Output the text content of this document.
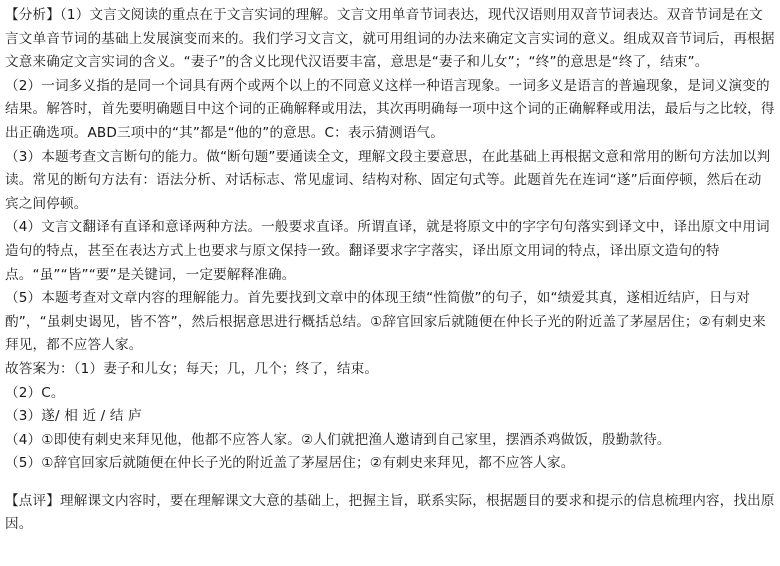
【分析】（1）文言文阅读的重点在于文言实词的理解。文言文用单音节词表达，现代汉语则用双音节词表达。双音节词是在文言文单音节词的基础上发展演变而来的。我们学习文言文，就可用组词的办法来确定文言实词的意义。组成双音节词后，再根据文意来确定文言实词的含义。“妻子”的含义比现代汉语要丰富，意思是“妻子和儿女”；“终”的意思是“终了，结束”。

（2）一词多义指的是同一个词具有两个或两个以上的不同意义这样一种语言现象。一词多义是语言的普遍现象，是词义演变的结果。解答时，首先要明确题目中这个词的正确解释或用法，其次再明确每一项中这个词的正确解释或用法，最后与之比较，得出正确选项。ABD三项中的“其”都是“他的”的意思。C：表示猜测语气。

（3）本题考查文言断句的能力。做“断句题”要通读全文，理解文段主要意思，在此基础上再根据文意和常用的断句方法加以判读。常见的断句方法有：语法分析、对话标志、常见虚词、结构对称、固定句式等。此题首先在连词“遂”后面停顿，然后在动宾之间停顿。

（4）文言文翻译有直译和意译两种方法。一般要求直译。所谓直译，就是将原文中的字字句句落实到译文中，译出原文中用词造句的特点，甚至在表达方式上也要求与原文保持一致。翻译要求字字落实，译出原文用词的特点，译出原文造句的特点。“虽”“皆”“要”是关键词，一定要解释准确。

（5）本题考查对文章内容的理解能力。首先要找到文章中的体现王绩“性简傲”的句子，如“绩爱其真，遂相近结庐，日与对酌”，“虽刺史谒见，皆不答”，然后根据意思进行概括总结。①辞官回家后就随便在仲长子光的附近盖了茅屋居住；②有刺史来拜见，都不应答人家。

故答案为：（1）妻子和儿女；每天；几，几个；终了，结束。

（2）C。

（3）遂/ 相 近 / 结 庐

（4）①即使有刺史来拜见他，他都不应答人家。②人们就把渔人邀请到自己家里，摆酒杀鸡做饭，殷勤款待。

（5）①辞官回家后就随便在仲长子光的附近盖了茅屋居住；②有刺史来拜见，都不应答人家。

【点评】理解课文内容时，要在理解课文大意的基础上，把握主旨，联系实际，根据题目的要求和提示的信息梳理内容，找出原因。
